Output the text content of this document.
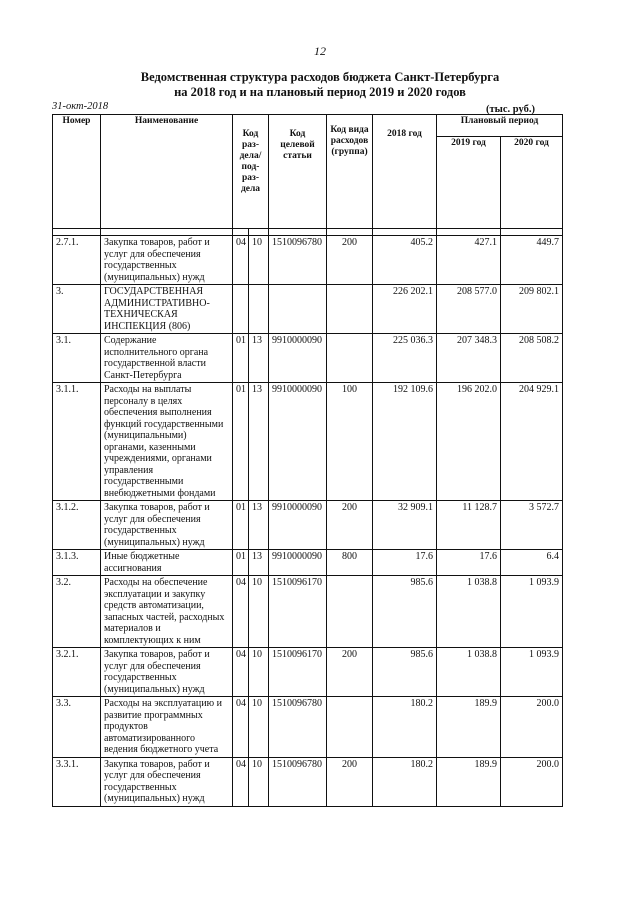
12
Ведомственная структура расходов бюджета Санкт-Петербурга
на 2018 год и на плановый период 2019 и 2020 годов
31-окт-2018	(тыс. руб.)
Номер	Наименование	Код раз-дела/ под-раз-дела		Код целевой статьи	Код вида расходов (группа)	2018 год	Плановый период	
							2019 год	2020 год

2.7.1.	Закупка товаров, работ и услуг для обеспечения государственных (муниципальных) нужд	04	10	1510096780	200	405.2	427.1	449.7
3.	ГОСУДАРСТВЕННАЯ АДМИНИСТРАТИВНО-ТЕХНИЧЕСКАЯ ИНСПЕКЦИЯ (806)					226 202.1	208 577.0	209 802.1
3.1.	Содержание исполнительного органа государственной власти Санкт-Петербурга	01	13	9910000090		225 036.3	207 348.3	208 508.2
3.1.1.	Расходы на выплаты персоналу в целях обеспечения выполнения функций государственными (муниципальными) органами, казенными учреждениями, органами управления государственными внебюджетными фондами	01	13	9910000090	100	192 109.6	196 202.0	204 929.1
3.1.2.	Закупка товаров, работ и услуг для обеспечения государственных (муниципальных) нужд	01	13	9910000090	200	32 909.1	11 128.7	3 572.7
3.1.3.	Иные бюджетные ассигнования	01	13	9910000090	800	17.6	17.6	6.4
3.2.	Расходы на обеспечение эксплуатации и закупку средств автоматизации, запасных частей, расходных материалов и комплектующих к ним	04	10	1510096170		985.6	1 038.8	1 093.9
3.2.1.	Закупка товаров, работ и услуг для обеспечения государственных (муниципальных) нужд	04	10	1510096170	200	985.6	1 038.8	1 093.9
3.3.	Расходы на эксплуатацию и развитие программных продуктов автоматизированного ведения бюджетного учета	04	10	1510096780		180.2	189.9	200.0
3.3.1.	Закупка товаров, работ и услуг для обеспечения государственных (муниципальных) нужд	04	10	1510096780	200	180.2	189.9	200.0
